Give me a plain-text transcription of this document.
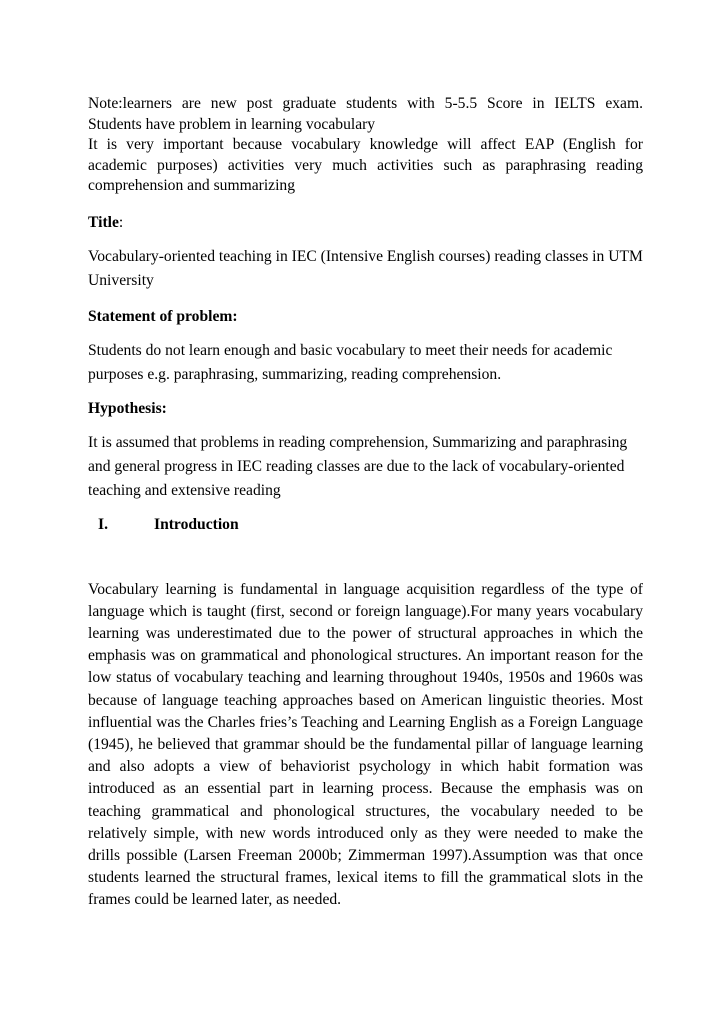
Note:learners are new post graduate students with 5-5.5 Score in IELTS exam.

Students have problem in learning vocabulary

It is very important because vocabulary knowledge will affect EAP (English for academic purposes) activities very much activities such as paraphrasing reading comprehension and summarizing

Title:

Vocabulary-oriented teaching in IEC (Intensive English courses) reading classes in UTM University

Statement of problem:

Students do not learn enough and basic vocabulary to meet their needs for academic purposes e.g. paraphrasing, summarizing, reading comprehension.

Hypothesis:

It is assumed that problems in reading comprehension, Summarizing and paraphrasing and general progress in IEC reading classes are due to the lack of vocabulary-oriented teaching and extensive reading

I.	Introduction

Vocabulary learning is fundamental in language acquisition regardless of the type of language which is taught (first, second or foreign language).For many years vocabulary learning was underestimated due to the power of structural approaches in which the emphasis was on grammatical and phonological structures. An important reason for the low status of vocabulary teaching and learning throughout 1940s, 1950s and 1960s was because of language teaching approaches based on American linguistic theories. Most influential was the Charles fries’s Teaching and Learning English as a Foreign Language (1945), he believed that grammar should be the fundamental pillar of language learning and also adopts a view of behaviorist psychology in which habit formation was introduced as an essential part in learning process. Because the emphasis was on teaching grammatical and phonological structures, the vocabulary needed to be relatively simple, with new words introduced only as they were needed to make the drills possible (Larsen Freeman 2000b; Zimmerman 1997).Assumption was that once students learned the structural frames, lexical items to fill the grammatical slots in the frames could be learned later, as needed.
